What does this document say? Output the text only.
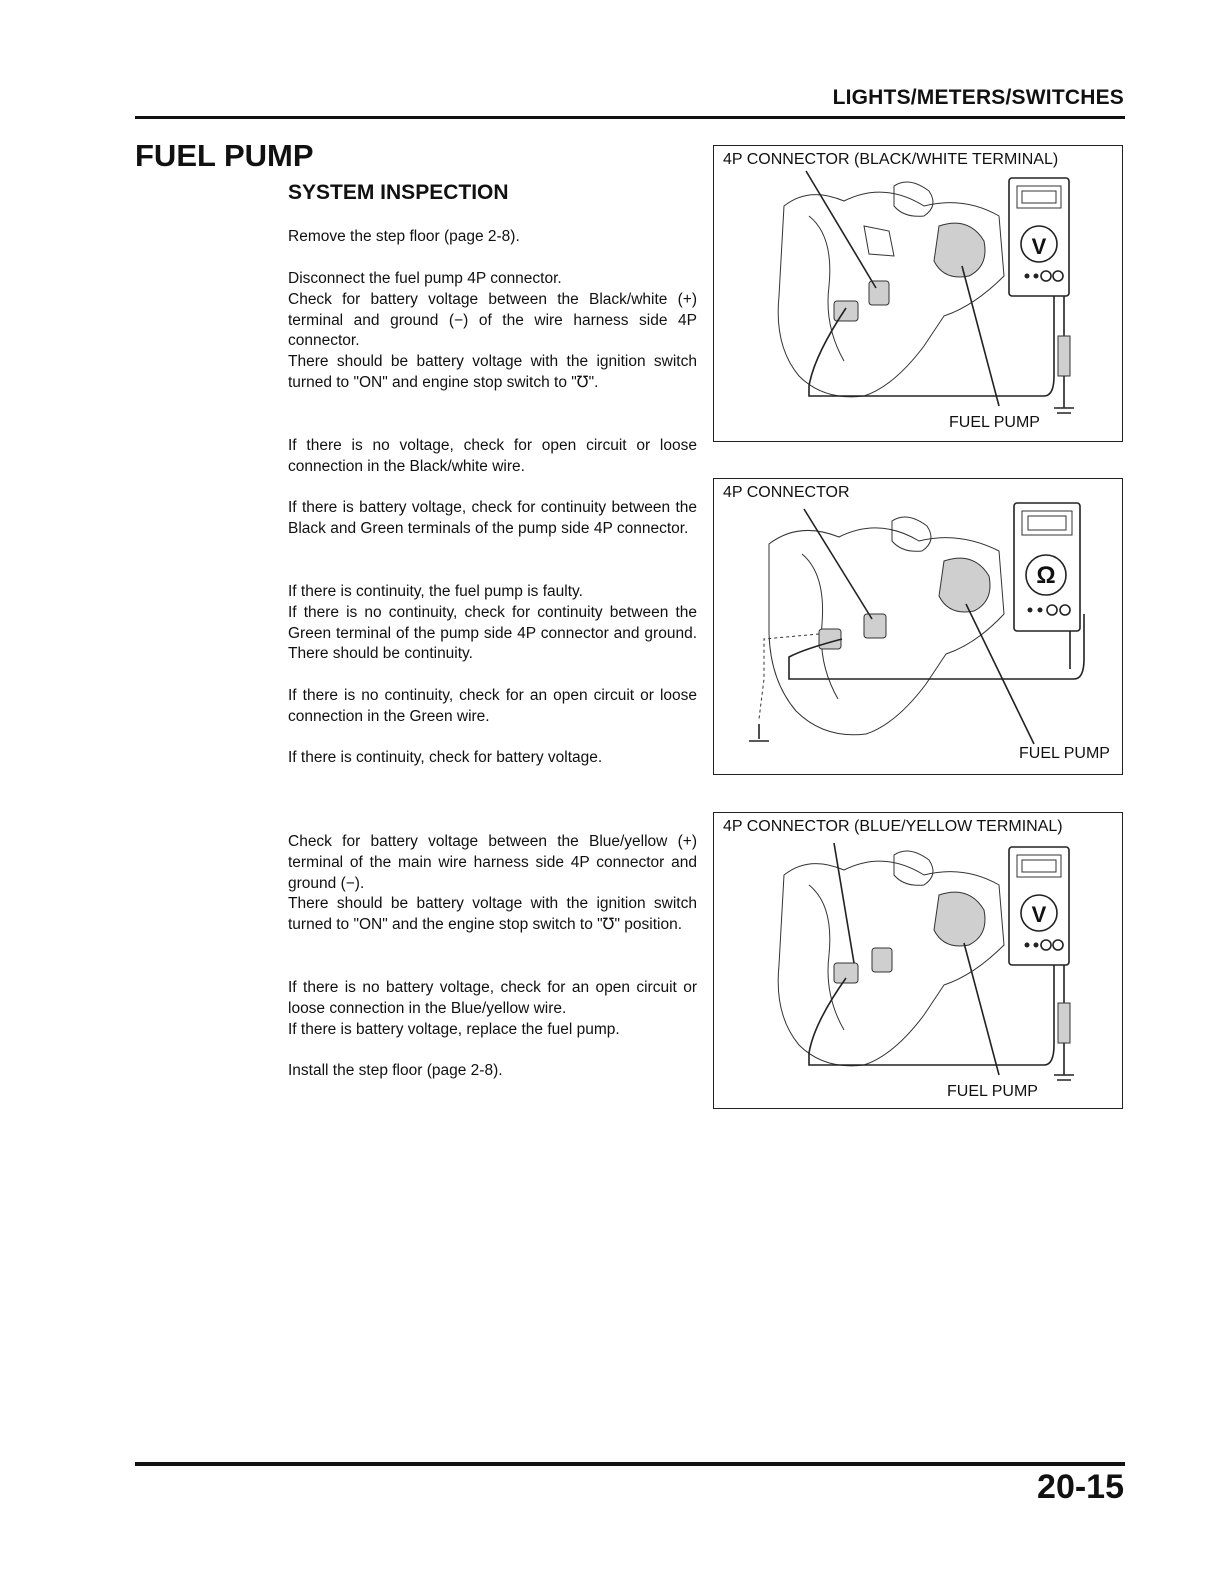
LIGHTS/METERS/SWITCHES
FUEL PUMP
SYSTEM INSPECTION
Remove the step floor (page 2-8).
Disconnect the fuel pump 4P connector.
Check for battery voltage between the Black/white (+) terminal and ground (−) of the wire harness side 4P connector.
There should be battery voltage with the ignition switch turned to "ON" and engine stop switch to "℧".
If there is no voltage, check for open circuit or loose connection in the Black/white wire.
If there is battery voltage, check for continuity between the Black and Green terminals of the pump side 4P connector.
If there is continuity, the fuel pump is faulty.
If there is no continuity, check for continuity between the Green terminal of the pump side 4P connector and ground. There should be continuity.
If there is no continuity, check for an open circuit or loose connection in the Green wire.
If there is continuity, check for battery voltage.
Check for battery voltage between the Blue/yellow (+) terminal of the main wire harness side 4P connector and ground (−).
There should be battery voltage with the ignition switch turned to "ON" and the engine stop switch to "℧" position.
If there is no battery voltage, check for an open circuit or loose connection in the Blue/yellow wire.
If there is battery voltage, replace the fuel pump.
Install the step floor (page 2-8).
4P CONNECTOR (BLACK/WHITE TERMINAL)
V
FUEL PUMP
4P CONNECTOR
Ω
FUEL PUMP
4P CONNECTOR (BLUE/YELLOW TERMINAL)
V
FUEL PUMP
20-15
